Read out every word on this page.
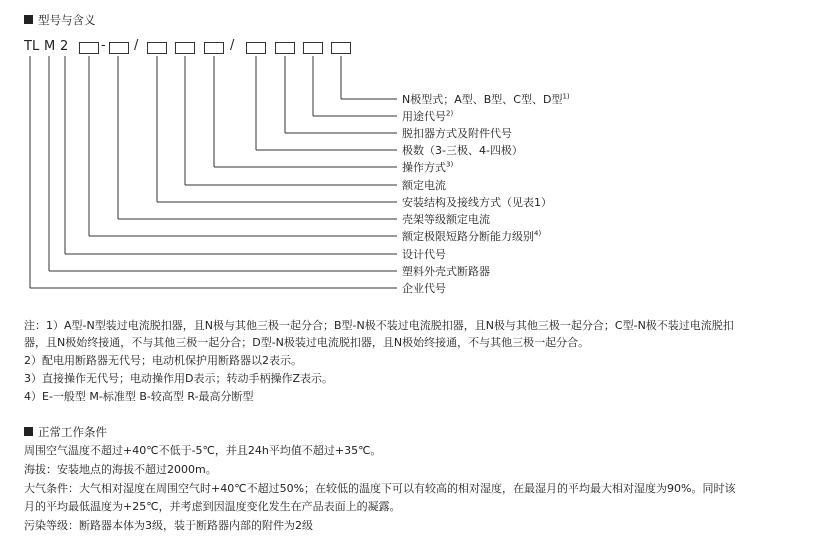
型号与含义
TL M 2	- /	/
N极型式；A型、B型、C型、D型$^{1)}$
用途代号$^{2)}$
脱扣器方式及附件代号
极数（3-三极、4-四极）
操作方式$^{3)}$
额定电流
安装结构及接线方式（见表1）
壳架等级额定电流
额定极限短路分断能力级别$^{4)}$
设计代号
塑料外壳式断路器
企业代号
注：1）A型-N型装过电流脱扣器，且N极与其他三极一起分合；B型-N极不装过电流脱扣器，且N极与其他三极一起分合；C型-N极不装过电流脱扣
器，且N极始终接通，不与其他三极一起分合；D型-N极装过电流脱扣器，且N极始终接通，不与其他三极一起分合。
2）配电用断路器无代号；电动机保护用断路器以2表示。
3）直接操作无代号；电动操作用D表示；转动手柄操作Z表示。
4）E-一般型 M-标准型 B-较高型 R-最高分断型
正常工作条件
周围空气温度不超过+40℃不低于-5℃，并且24h平均值不超过+35℃。
海拔：安装地点的海拔不超过2000m。
大气条件：大气相对湿度在周围空气时+40℃不超过50%；在较低的温度下可以有较高的相对湿度，在最湿月的平均最大相对湿度为90%。同时该
月的平均最低温度为+25℃，并考虑到因温度变化发生在产品表面上的凝露。
污染等级：断路器本体为3级，装于断路器内部的附件为2级
